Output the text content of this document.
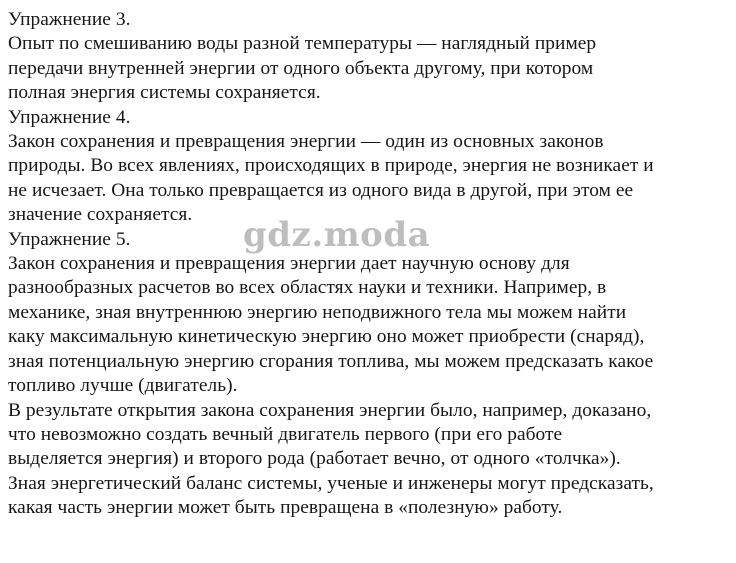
Упражнение 3.
Опыт по смешиванию воды разной температуры — наглядный пример
передачи внутренней энергии от одного объекта другому, при котором
полная энергия системы сохраняется.
Упражнение 4.
Закон сохранения и превращения энергии — один из основных законов
природы. Во всех явлениях, происходящих в природе, энергия не возникает и
не исчезает. Она только превращается из одного вида в другой, при этом ее
значение сохраняется.
Упражнение 5.
Закон сохранения и превращения энергии дает научную основу для
разнообразных расчетов во всех областях науки и техники. Например, в
механике, зная внутреннюю энергию неподвижного тела мы можем найти
каку максимальную кинетическую энергию оно может приобрести (снаряд),
зная потенциальную энергию сгорания топлива, мы можем предсказать какое
топливо лучше (двигатель).
В результате открытия закона сохранения энергии было, например, доказано,
что невозможно создать вечный двигатель первого (при его работе
выделяется энергия) и второго рода (работает вечно, от одного «толчка»).
Зная энергетический баланс системы, ученые и инженеры могут предсказать,
какая часть энергии может быть превращена в «полезную» работу.
gdz.moda
